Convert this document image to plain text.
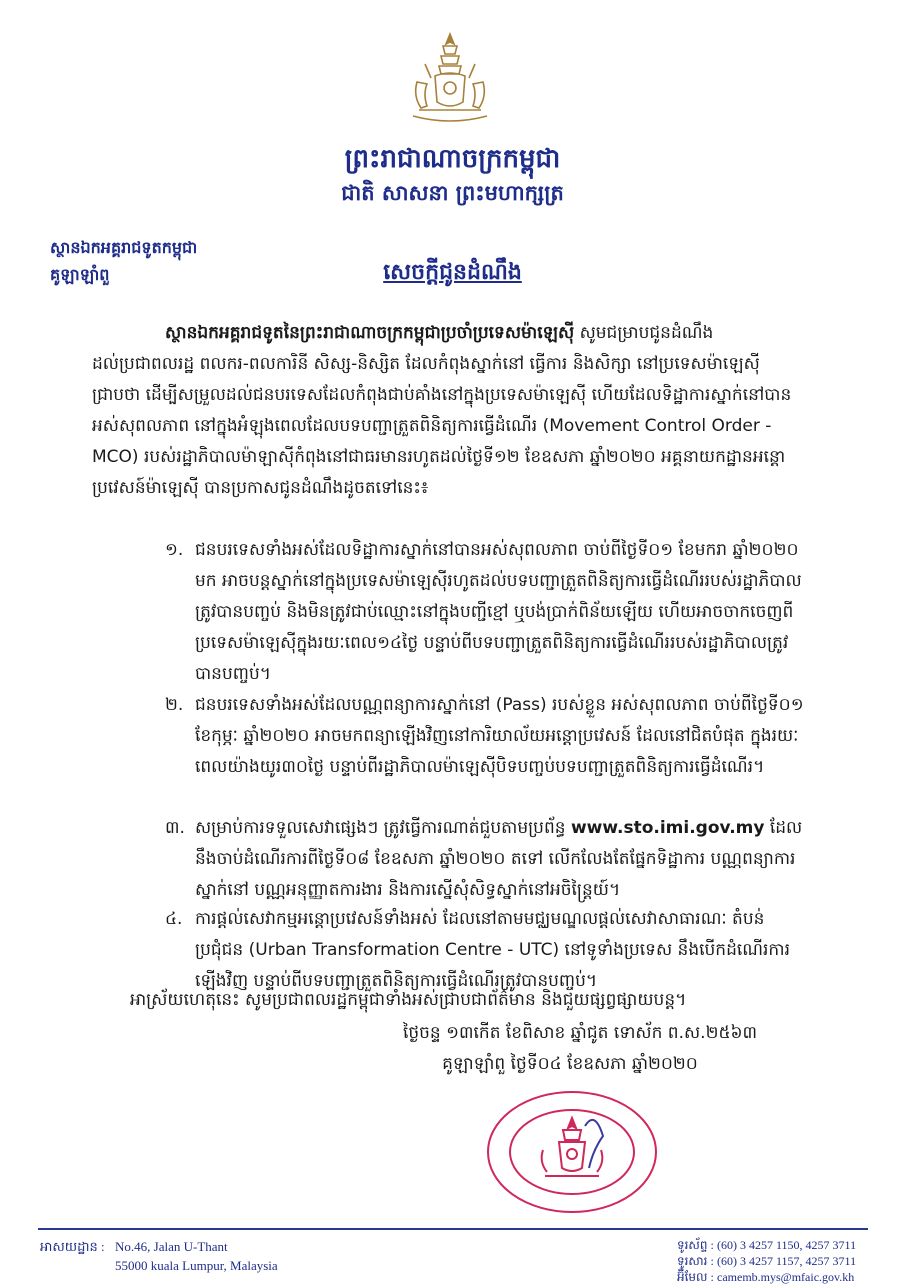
ព្រះរាជាណាចក្រកម្ពុជា
ជាតិ សាសនា ព្រះមហាក្សត្រ
ស្ថានឯកអគ្គរាជទូតកម្ពុជា
គូឡាឡាំពួ	សេចក្តីជូនដំណឹង
ស្ថានឯកអគ្គរាជទូតនៃព្រះរាជាណាចក្រកម្ពុជាប្រចាំប្រទេសម៉ាឡេស៊ី សូមជម្រាបជូនដំណឹង
ដល់ប្រជាពលរដ្ឋ ពលករ-ពលការិនី សិស្ស-និស្សិត ដែលកំពុងស្នាក់នៅ ធ្វើការ និងសិក្សា នៅប្រទេសម៉ាឡេស៊ីជ្រាបថា ដើម្បីសម្រួលដល់ជនបរទេសដែលកំពុងជាប់គាំងនៅក្នុងប្រទេសម៉ាឡេស៊ី ហើយដែលទិដ្ឋាការស្នាក់នៅបានអស់សុពលភាព នៅក្នុងអំឡុងពេលដែលបទបញ្ជាត្រួតពិនិត្យការធ្វើដំណើរ (Movement Control Order - MCO) របស់រដ្ឋាភិបាលម៉ាឡាស៊ីកំពុងនៅជាធរមានរហូតដល់ថ្ងៃទី១២ ខែឧសភា ឆ្នាំ២០២០ អគ្គនាយកដ្ឋានអន្តោប្រវេសន៍ម៉ាឡេស៊ី បានប្រកាសជូនដំណឹងដូចតទៅនេះ៖
១. ជនបរទេសទាំងអស់ដែលទិដ្ឋាការស្នាក់នៅបានអស់សុពលភាព ចាប់ពីថ្ងៃទី០១ ខែមករា ឆ្នាំ២០២០ មក អាចបន្តស្នាក់នៅក្នុងប្រទេសម៉ាឡេស៊ីរហូតដល់បទបញ្ជាត្រួតពិនិត្យការធ្វើដំណើររបស់រដ្ឋាភិបាលត្រូវបានបញ្ចប់ និងមិនត្រូវជាប់ឈ្មោះនៅក្នុងបញ្ជីខ្មៅ ឬបង់ប្រាក់ពិន័យឡើយ ហើយអាចចាកចេញពីប្រទេសម៉ាឡេស៊ីក្នុងរយៈពេល១៤ថ្ងៃ បន្ទាប់ពីបទបញ្ជាត្រួតពិនិត្យការធ្វើដំណើររបស់រដ្ឋាភិបាលត្រូវបានបញ្ចប់។
២. ជនបរទេសទាំងអស់ដែលបណ្ណពន្យាការស្នាក់នៅ (Pass) របស់ខ្លួន អស់សុពលភាព ចាប់ពីថ្ងៃទី០១ ខែកុម្ភៈ ឆ្នាំ២០២០ អាចមកពន្យាឡើងវិញនៅការិយាល័យអន្តោប្រវេសន៍ ដែលនៅជិតបំផុត ក្នុងរយៈពេលយ៉ាងយូរ៣០ថ្ងៃ បន្ទាប់ពីរដ្ឋាភិបាលម៉ាឡេស៊ីបិទបញ្ចប់បទបញ្ជាត្រួតពិនិត្យការធ្វើដំណើរ។
៣. សម្រាប់ការទទួលសេវាផ្សេងៗ ត្រូវធ្វើការណាត់ជួបតាមប្រព័ន្ធ www.sto.imi.gov.my ដែលនឹងចាប់ដំណើរការពីថ្ងៃទី០៨ ខែឧសភា ឆ្នាំ២០២០ តទៅ លើកលែងតែផ្នែកទិដ្ឋាការ បណ្ណពន្យាការស្នាក់នៅ បណ្ណអនុញ្ញាតការងារ និងការស្នើសុំសិទ្ធស្នាក់នៅអចិន្ត្រៃយ៍។
៤. ការផ្តល់សេវាកម្មអន្តោប្រវេសន៍ទាំងអស់ ដែលនៅតាមមជ្ឈមណ្ឌលផ្តល់សេវាសាធារណៈ តំបន់ប្រជុំជន (Urban Transformation Centre - UTC) នៅទូទាំងប្រទេស នឹងបើកដំណើរការឡើងវិញ បន្ទាប់ពីបទបញ្ជាត្រួតពិនិត្យការធ្វើដំណើរត្រូវបានបញ្ចប់។
អាស្រ័យហេតុនេះ សូមប្រជាពលរដ្ឋកម្ពុជាទាំងអស់ជ្រាបជាព័ត៌មាន និងជួយផ្សព្វផ្សាយបន្ត។
ថ្ងៃចន្ទ ១៣កើត ខែពិសាខ ឆ្នាំជូត ទោស័ក ព.ស.២៥៦៣
គូឡាឡាំពួ ថ្ងៃទី០៤ ខែឧសភា ឆ្នាំ២០២០
អាសយដ្ឋាន : No.46, Jalan U-Thant
55000 kuala Lumpur, Malaysia
ទូរស័ព្ទ : (60) 3 4257 1150, 4257 3711
ទូរសារ : (60) 3 4257 1157, 4257 3711
អ៊ីមែល : camemb.mys@mfaic.gov.kh
